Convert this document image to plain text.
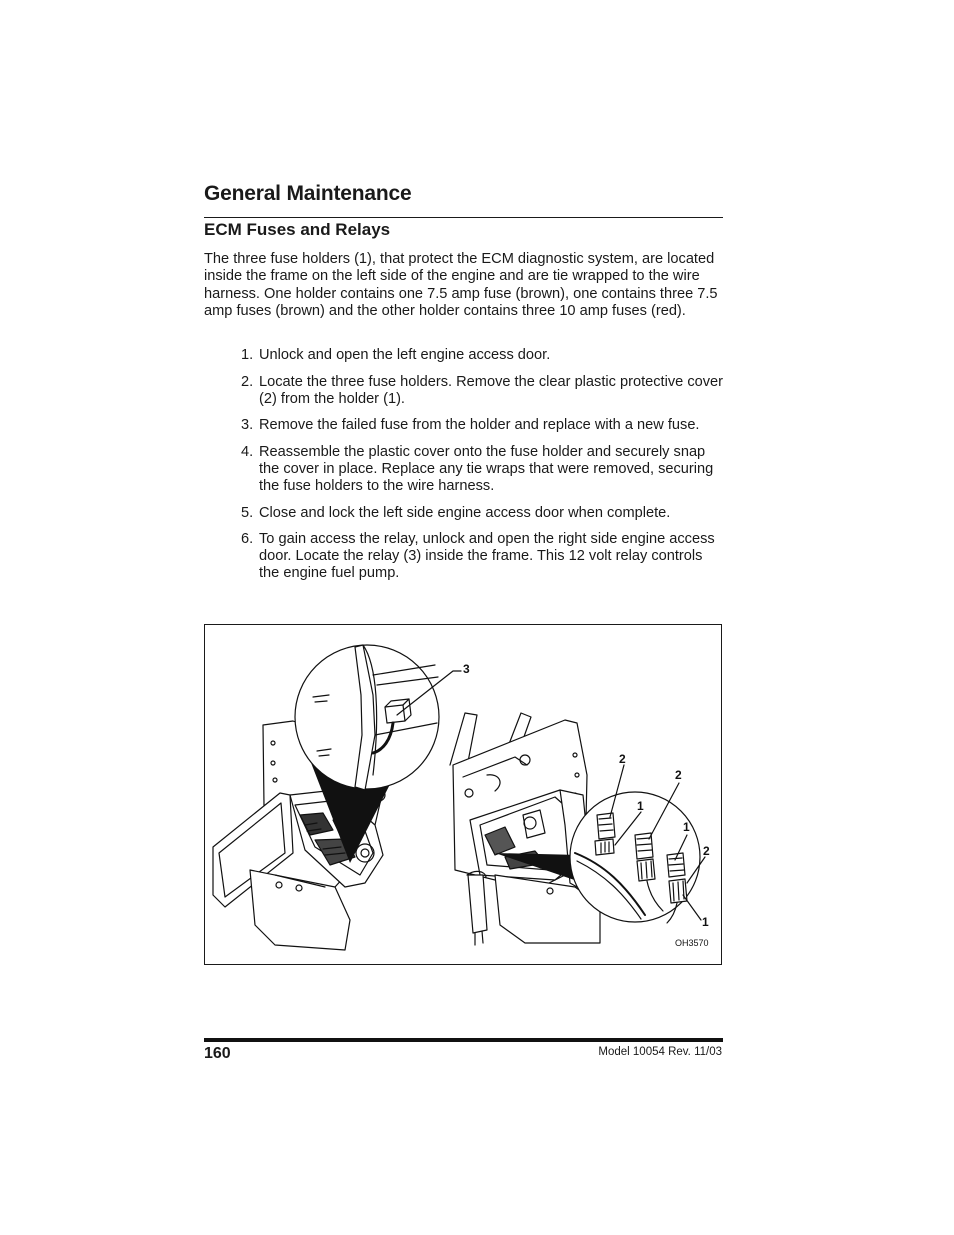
General Maintenance
ECM Fuses and Relays

The three fuse holders (1), that protect the ECM diagnostic system, are located inside the frame on the left side of the engine and are tie wrapped to the wire harness. One holder contains one 7.5 amp fuse (brown), one contains three 7.5 amp fuses (brown) and the other holder contains three 10 amp fuses (red).

1. Unlock and open the left engine access door.
2. Locate the three fuse holders. Remove the clear plastic protective cover (2) from the holder (1).
3. Remove the failed fuse from the holder and replace with a new fuse.
4. Reassemble the plastic cover onto the fuse holder and securely snap the cover in place. Replace any tie wraps that were removed, securing the fuse holders to the wire harness.
5. Close and lock the left side engine access door when complete.
6. To gain access the relay, unlock and open the right side engine access door. Locate the relay (3) inside the frame. This 12 volt relay controls the engine fuel pump.
3
2
2
2
1
1
1
OH3570
160	Model 10054 Rev. 11/03
